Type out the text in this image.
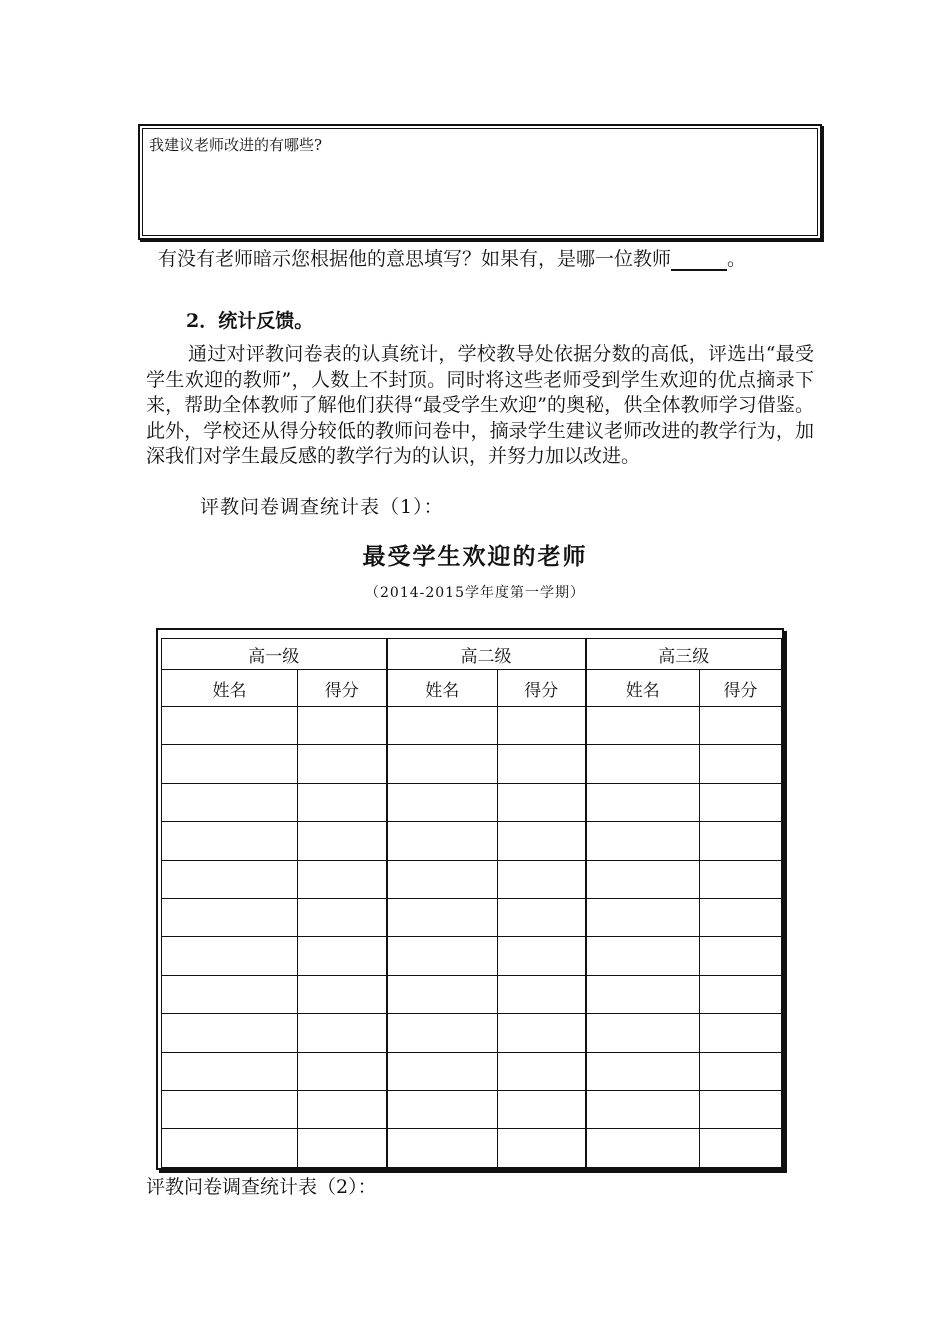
我建议老师改进的有哪些?
有没有老师暗示您根据他的意思填写？如果有，是哪一位教师	。
2．统计反馈。

通过对评教问卷表的认真统计，学校教导处依据分数的高低，评选出“最受学生欢迎的教师”，人数上不封顶。同时将这些老师受到学生欢迎的优点摘录下来，帮助全体教师了解他们获得“最受学生欢迎”的奥秘，供全体教师学习借鉴。此外，学校还从得分较低的教师问卷中，摘录学生建议老师改进的教学行为，加深我们对学生最反感的教学行为的认识，并努力加以改进。

评教问卷调查统计表（1）：
最受学生欢迎的老师
（2014-2015学年度第一学期）
高一级		高二级		高三级	
姓名	得分	姓名	得分	姓名	得分

评教问卷调查统计表（2）：
